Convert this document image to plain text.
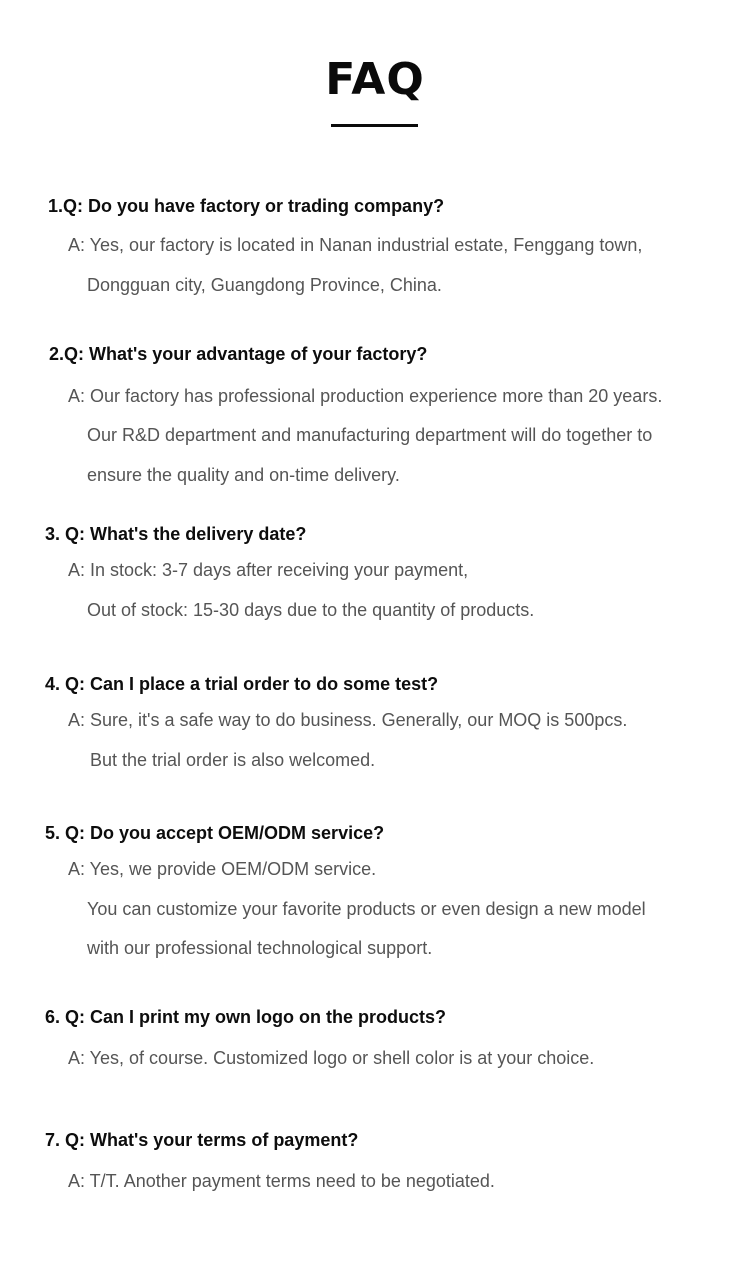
FAQ
1.Q: Do you have factory or trading company?
A: Yes, our factory is located in Nanan industrial estate, Fenggang town,
Dongguan city, Guangdong Province, China.
2.Q: What's your advantage of your factory?
A: Our factory has professional production experience more than 20 years.
Our R&D department and manufacturing department will do together to
ensure the quality and on-time delivery.
3. Q: What's the delivery date?
A: In stock: 3-7 days after receiving your payment,
Out of stock: 15-30 days due to the quantity of products.
4. Q: Can I place a trial order to do some test?
A: Sure, it's a safe way to do business. Generally, our MOQ is 500pcs.
But the trial order is also welcomed.
5. Q: Do you accept OEM/ODM service?
A: Yes, we provide OEM/ODM service.
You can customize your favorite products or even design a new model
with our professional technological support.
6. Q: Can I print my own logo on the products?
A: Yes, of course. Customized logo or shell color is at your choice.
7. Q: What's your terms of payment?
A: T/T. Another payment terms need to be negotiated.
